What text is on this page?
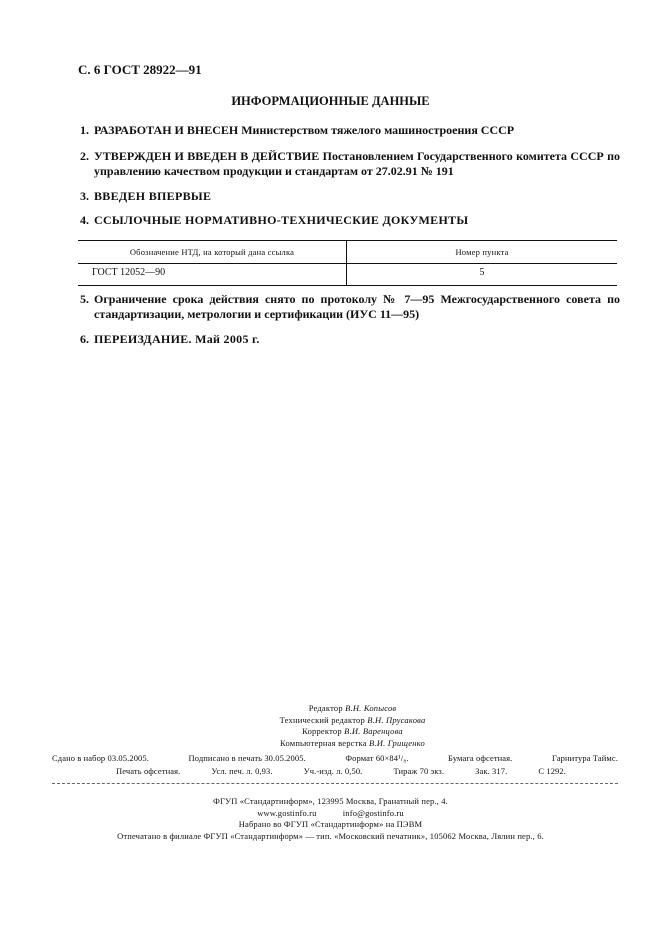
С. 6 ГОСТ 28922—91
ИНФОРМАЦИОННЫЕ ДАННЫЕ
1. РАЗРАБОТАН И ВНЕСЕН Министерством тяжелого машиностроения СССР
2. УТВЕРЖДЕН И ВВЕДЕН В ДЕЙСТВИЕ Постановлением Государственного комитета СССР по управлению качеством продукции и стандартам от 27.02.91 № 191
3. ВВЕДЕН ВПЕРВЫЕ
4. ССЫЛОЧНЫЕ НОРМАТИВНО-ТЕХНИЧЕСКИЕ ДОКУМЕНТЫ
Обозначение НТД, на который дана ссылка	Номер пункта
ГОСТ 12052—90	5

5. Ограничение срока действия снято по протоколу № 7—95 Межгосударственного совета по стандартизации, метрологии и сертификации (ИУС 11—95)
6. ПЕРЕИЗДАНИЕ. Май 2005 г.
Редактор В.Н. Копысов
Технический редактор В.Н. Прусакова
Корректор В.И. Варенцова
Компьютерная верстка В.И. Грищенко
Сдано в набор 03.05.2005.	Подписано в печать 30.05.2005.	Формат 60×84¹/₈.	Бумага офсетная.	Гарнитура Таймс.
Печать офсетная.	Усл. печ. л. 0,93.	Уч.-изд. л. 0,50.	Тираж 70 экз.	Зак. 317.	С 1292.
ФГУП «Стандартинформ», 123995 Москва, Гранатный пер., 4.
www.gostinfo.ru	info@gostinfo.ru
Набрано во ФГУП «Стандартинформ» на ПЭВМ
Отпечатано в филиале ФГУП «Стандартинформ» — тип. «Московский печатник», 105062 Москва, Лялин пер., 6.
